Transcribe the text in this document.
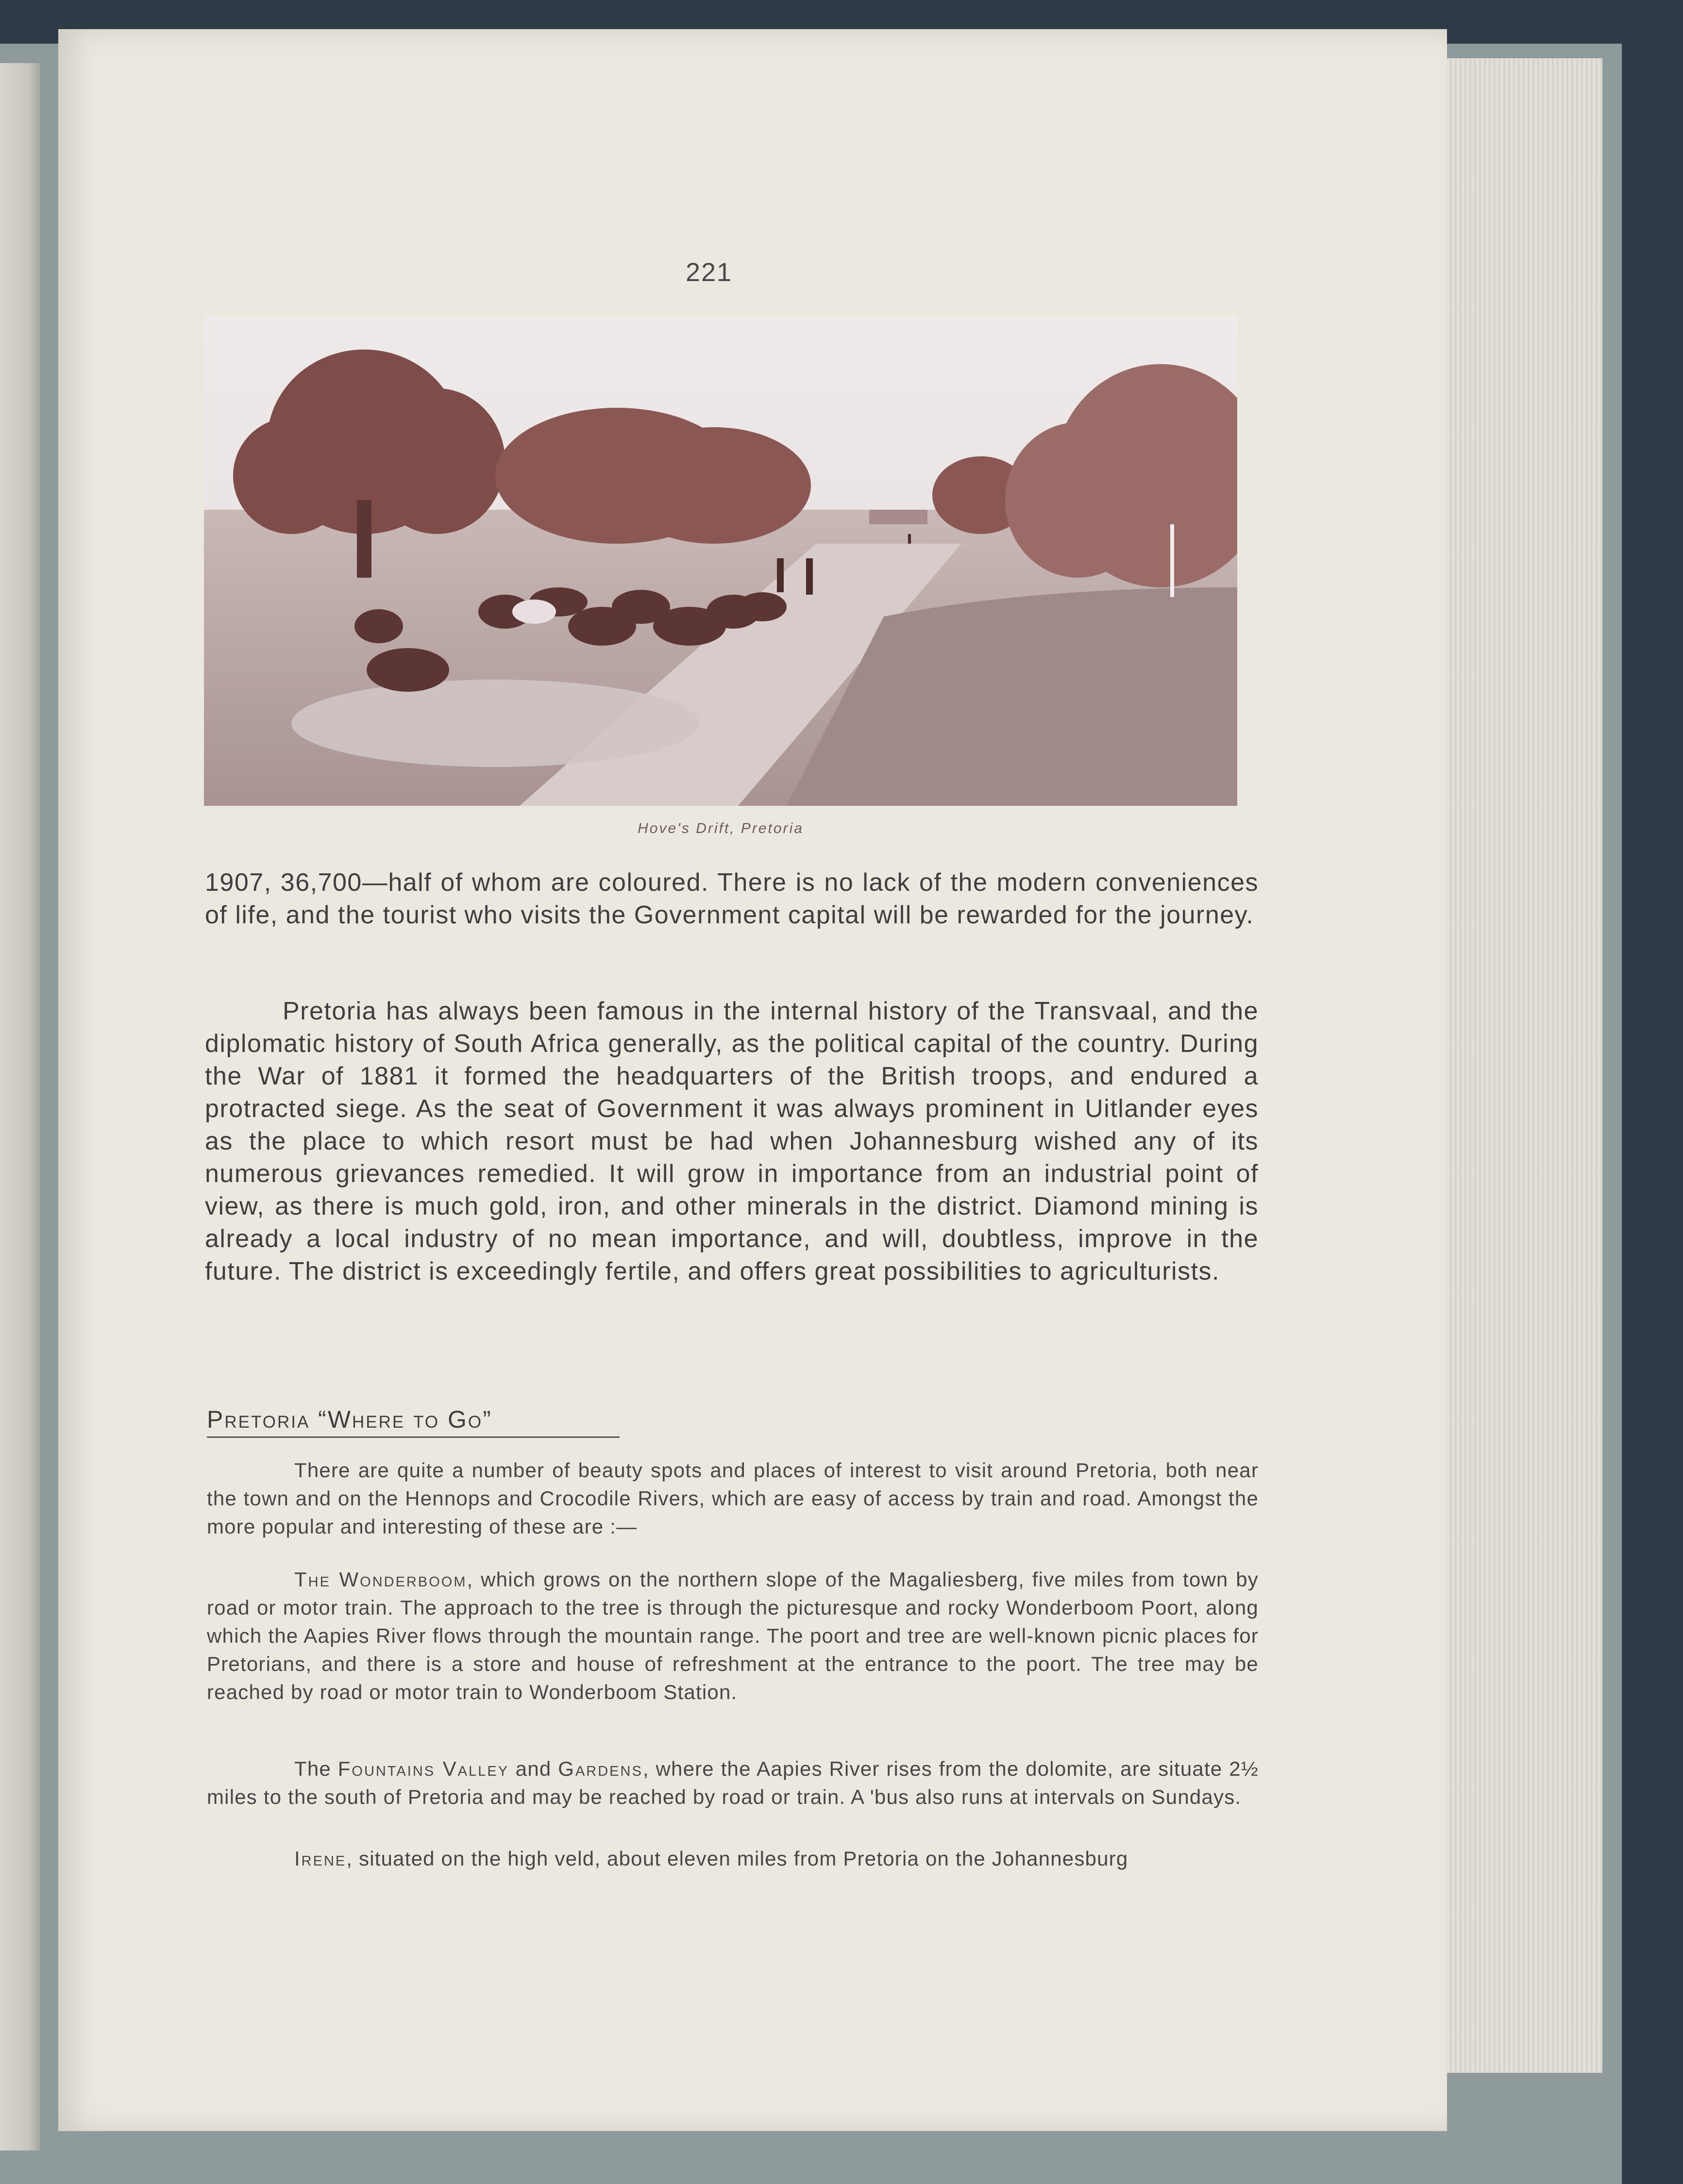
221
Hove's Drift, Pretoria
1907, 36,700—half of whom are coloured. There is no lack of the modern conveniences of life, and the tourist who visits the Government capital will be rewarded for the journey.
Pretoria has always been famous in the internal history of the Transvaal, and the diplomatic history of South Africa generally, as the political capital of the country. During the War of 1881 it formed the headquarters of the British troops, and endured a protracted siege. As the seat of Government it was always prominent in Uitlander eyes as the place to which resort must be had when Johannesburg wished any of its numerous grievances remedied. It will grow in importance from an industrial point of view, as there is much gold, iron, and other minerals in the district. Diamond mining is already a local industry of no mean importance, and will, doubtless, improve in the future. The district is exceedingly fertile, and offers great possibilities to agriculturists.
Pretoria “Where to Go”
There are quite a number of beauty spots and places of interest to visit around Pretoria, both near the town and on the Hennops and Crocodile Rivers, which are easy of access by train and road. Amongst the more popular and interesting of these are :—
The Wonderboom, which grows on the northern slope of the Magaliesberg, five miles from town by road or motor train. The approach to the tree is through the picturesque and rocky Wonderboom Poort, along which the Aapies River flows through the mountain range. The poort and tree are well-known picnic places for Pretorians, and there is a store and house of refreshment at the entrance to the poort. The tree may be reached by road or motor train to Wonderboom Station.
The Fountains Valley and Gardens, where the Aapies River rises from the dolomite, are situate 2½ miles to the south of Pretoria and may be reached by road or train. A 'bus also runs at intervals on Sundays.
Irene, situated on the high veld, about eleven miles from Pretoria on the Johannesburg
